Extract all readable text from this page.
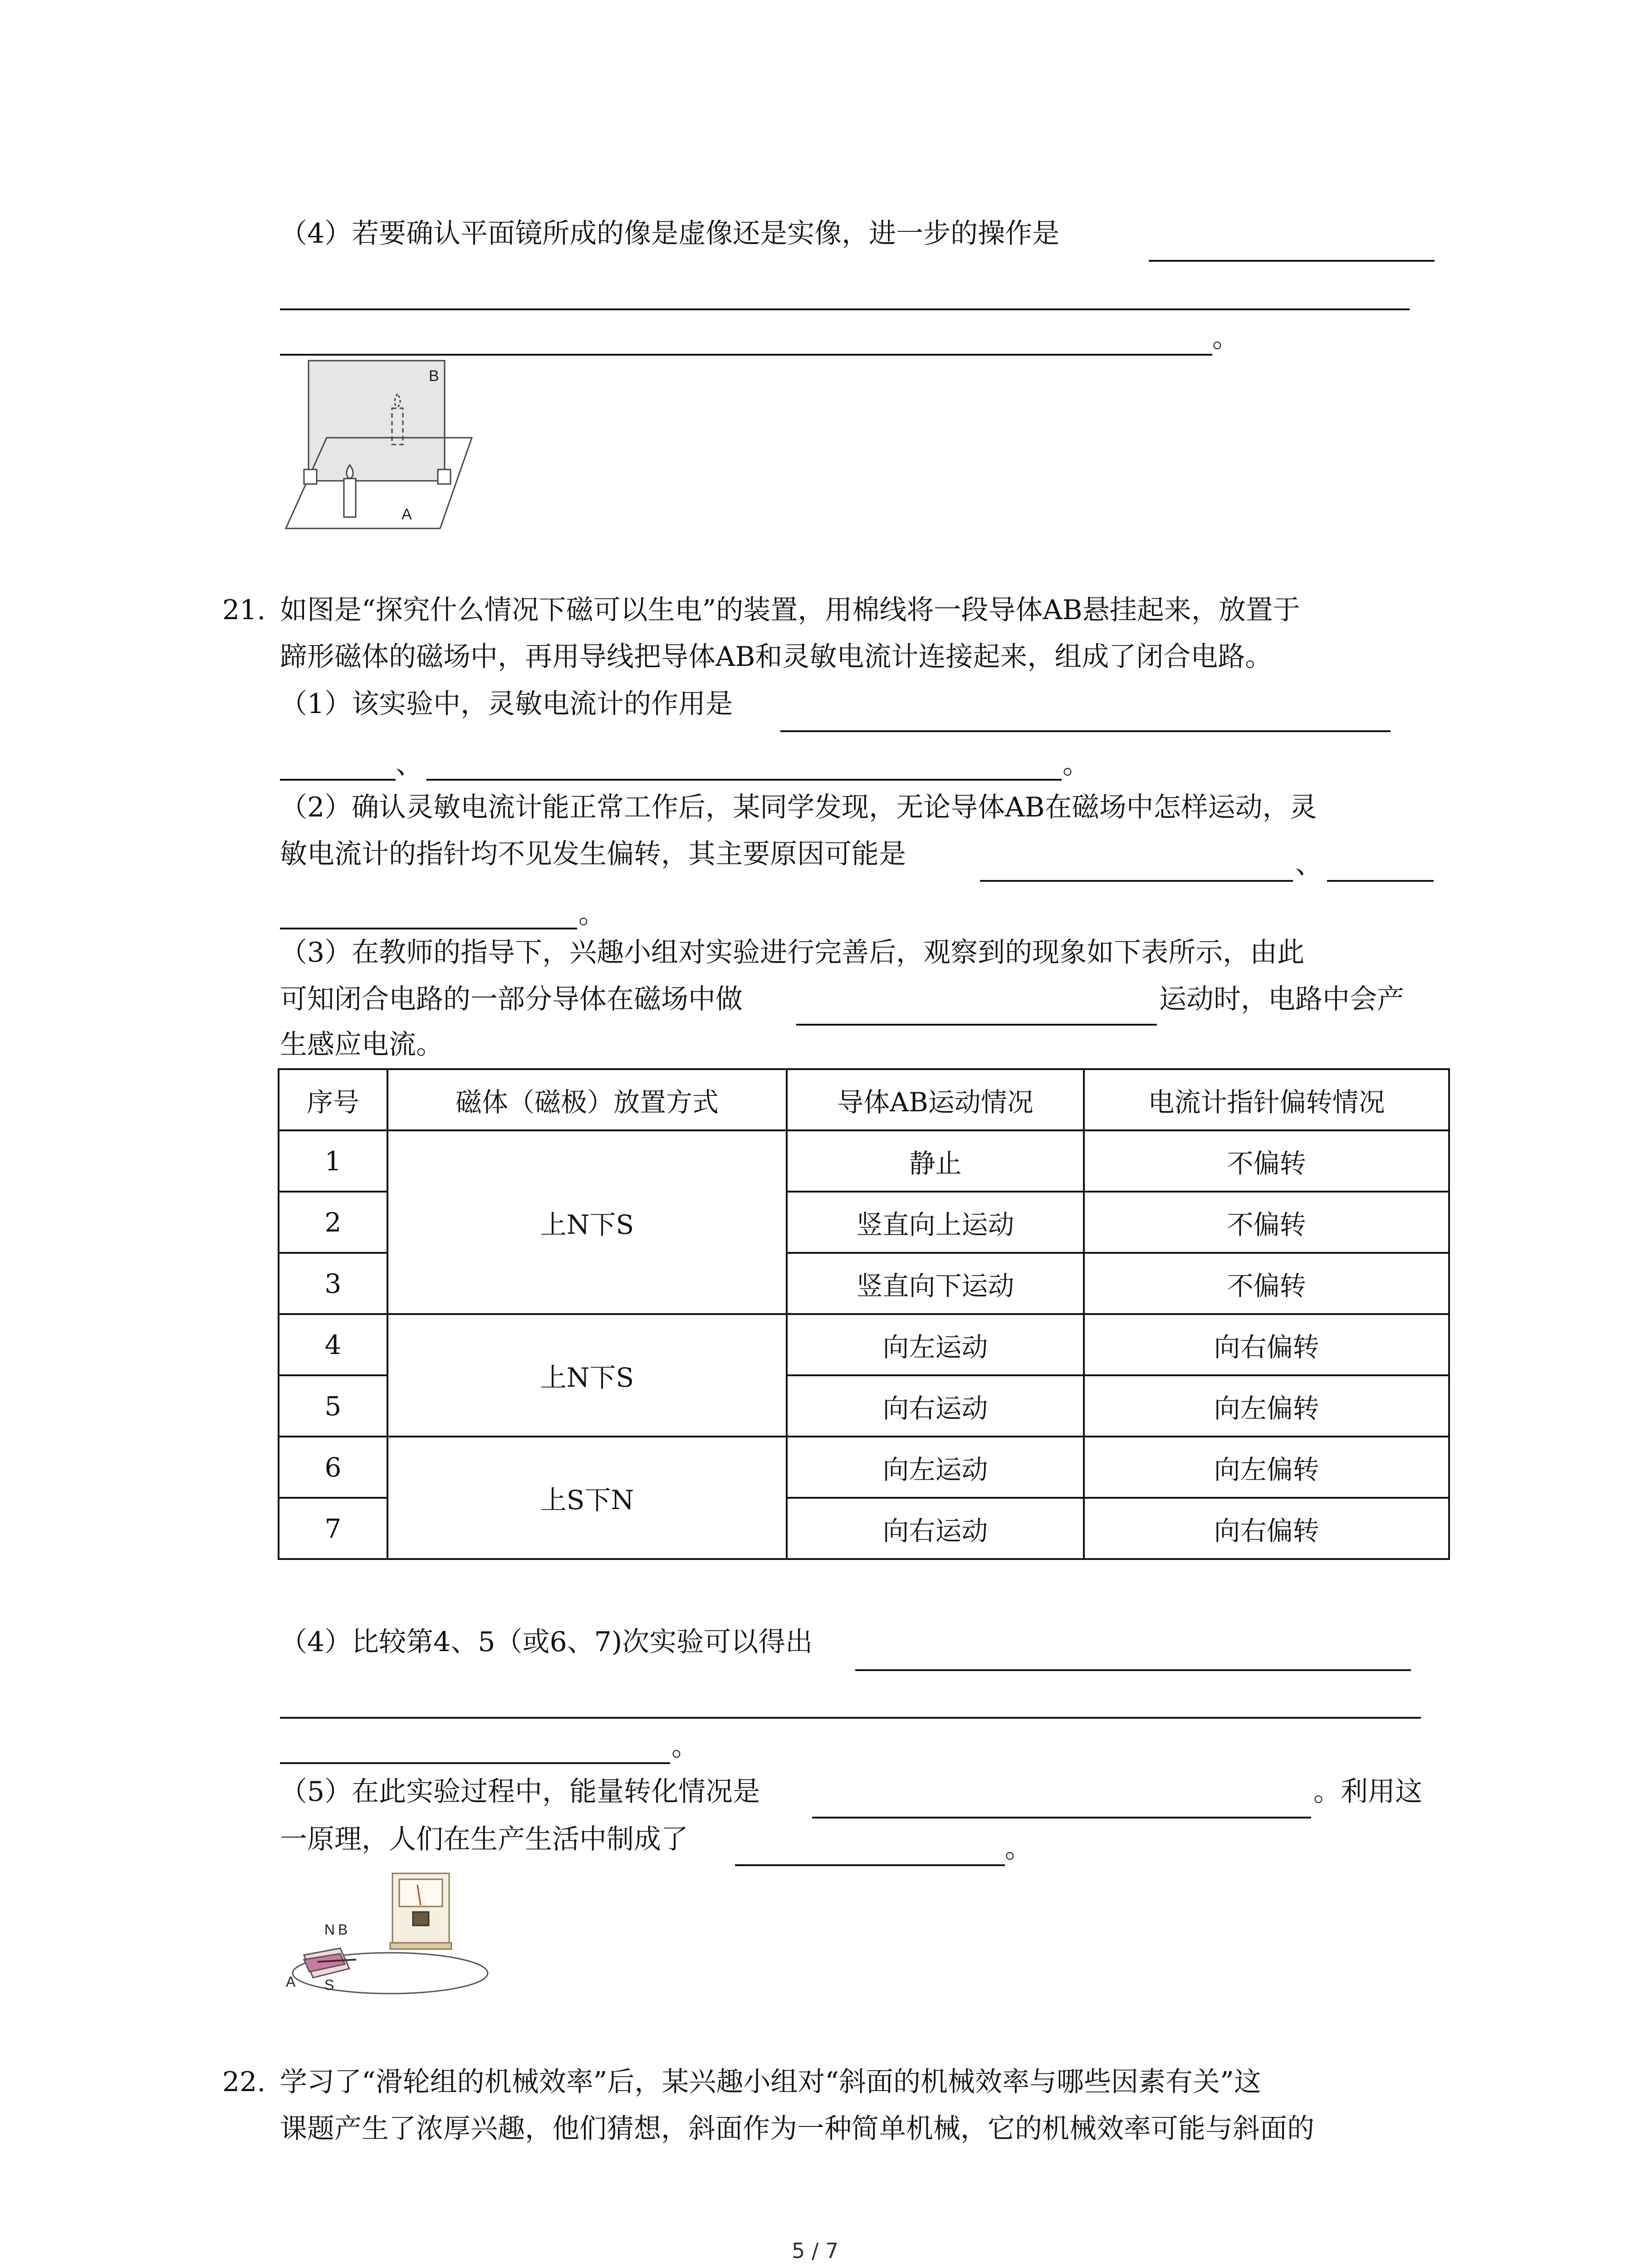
（4）若要确认平面镜所成的像是虚像还是实像，进一步的操作是
。
B
A
21. 如图是“探究什么情况下磁可以生电”的装置，用棉线将一段导体AB悬挂起来，放置于
蹄形磁体的磁场中，再用导线把导体AB和灵敏电流计连接起来，组成了闭合电路。
（1）该实验中，灵敏电流计的作用是
、	。
（2）确认灵敏电流计能正常工作后，某同学发现，无论导体AB在磁场中怎样运动，灵
敏电流计的指针均不见发生偏转，其主要原因可能是	、
。
（3）在教师的指导下，兴趣小组对实验进行完善后，观察到的现象如下表所示，由此
可知闭合电路的一部分导体在磁场中做	运动时，电路中会产
生感应电流。
序号	磁体（磁极）放置方式	导体AB运动情况	电流计指针偏转情况
1	上N下S	静止	不偏转
2		竖直向上运动	不偏转
3		竖直向下运动	不偏转
4	上N下S	向左运动	向右偏转
5		向右运动	向左偏转
6	上S下N	向左运动	向左偏转
7		向右运动	向右偏转
（4）比较第4、5（或6、7)次实验可以得出
。
（5）在此实验过程中，能量转化情况是	。利用这
一原理，人们在生产生活中制成了	。
N B
A S
22. 学习了“滑轮组的机械效率”后，某兴趣小组对“斜面的机械效率与哪些因素有关”这
课题产生了浓厚兴趣，他们猜想，斜面作为一种简单机械，它的机械效率可能与斜面的
5 / 7
